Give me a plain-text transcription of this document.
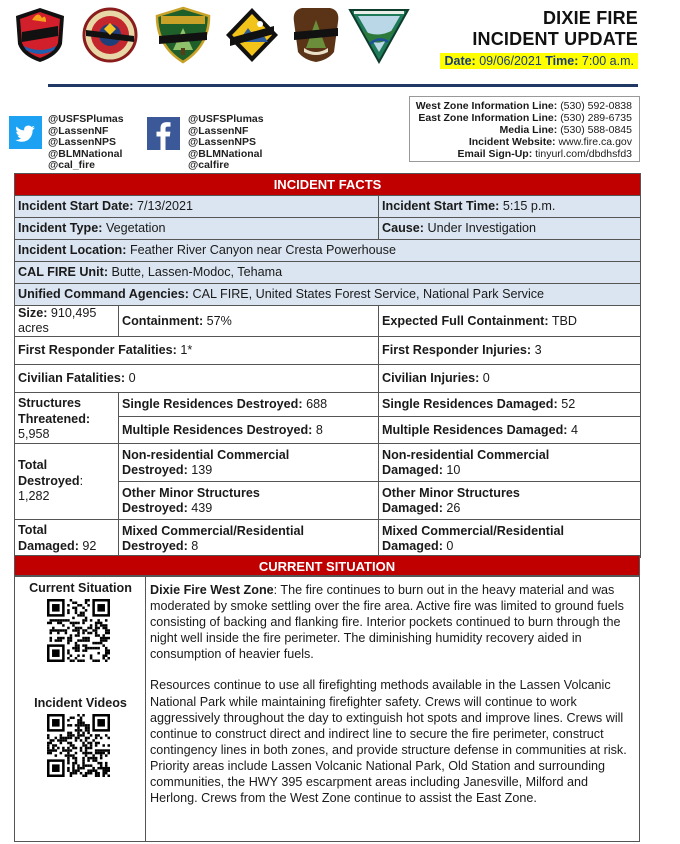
DIXIE FIRE
INCIDENT UPDATE
Date: 09/06/2021 Time: 7:00 a.m.
@USFSPlumas
@LassenNF
@LassenNPS
@BLMNational
@cal_fire
@USFSPlumas
@LassenNF
@LassenNPS
@BLMNational
@calfire
West Zone Information Line: (530) 592-0838
East Zone Information Line: (530) 289-6735
Media Line: (530) 588-0845
Incident Website: www.fire.ca.gov
Email Sign-Up: tinyurl.com/dbdhsfd3
INCIDENT FACTS		
Incident Start Date: 7/13/2021		Incident Start Time: 5:15 p.m.
Incident Type: Vegetation		Cause: Under Investigation
Incident Location: Feather River Canyon near Cresta Powerhouse		
CAL FIRE Unit: Butte, Lassen-Modoc, Tehama		
Unified Command Agencies: CAL FIRE, United States Forest Service, National Park Service		
Size: 910,495 acres	Containment: 57%	Expected Full Containment: TBD
First Responder Fatalities: 1*		First Responder Injuries: 3
Civilian Fatalities: 0		Civilian Injuries: 0
Structures
Threatened:
5,958	Single Residences Destroyed: 688	Single Residences Damaged: 52
	Multiple Residences Destroyed: 8	Multiple Residences Damaged: 4
Total
Destroyed:
1,282	Non-residential Commercial
Destroyed: 139	Non-residential Commercial
Damaged: 10
	Other Minor Structures
Destroyed: 439	Other Minor Structures
Damaged: 26
Total
Damaged: 92	Mixed Commercial/Residential
Destroyed: 8	Mixed Commercial/Residential
Damaged: 0
CURRENT SITUATION
Current Situation
Incident Videos

Dixie Fire West Zone: The fire continues to burn out in the heavy material and was moderated by smoke settling over the fire area. Active fire was limited to ground fuels consisting of backing and flanking fire. Interior pockets continued to burn through the night well inside the fire perimeter. The diminishing humidity recovery aided in consumption of heavier fuels.

Resources continue to use all firefighting methods available in the Lassen Volcanic National Park while maintaining firefighter safety. Crews will continue to work aggressively throughout the day to extinguish hot spots and improve lines. Crews will continue to construct direct and indirect line to secure the fire perimeter, construct contingency lines in both zones, and provide structure defense in communities at risk. Priority areas include Lassen Volcanic National Park, Old Station and surrounding communities, the HWY 395 escarpment areas including Janesville, Milford and Herlong. Crews from the West Zone continue to assist the East Zone.
